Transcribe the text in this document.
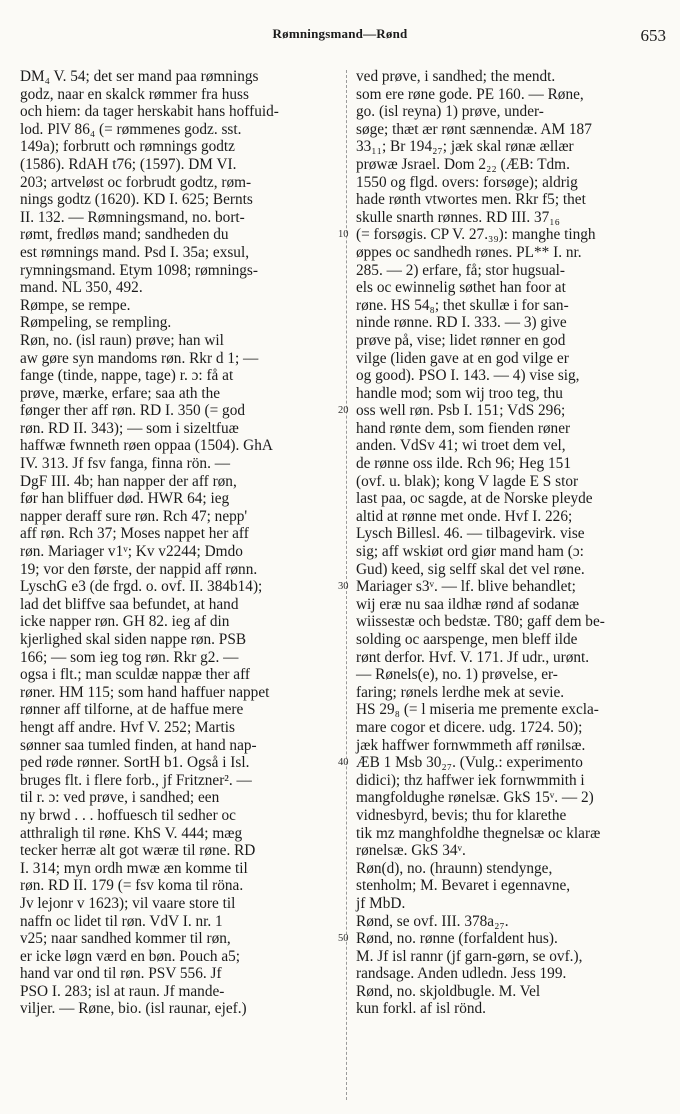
Rømningsmand—Rønd	653
DM₄ V. 54; det ser mand paa rømnings
godz, naar en skalck rømmer fra huss
och hiem: da tager herskabit hans hoffuid-
lod. PlV 86₄ (= rømmenes godz. sst.
149a); forbrutt och rømnings godtz
(1586). RdAH t76; (1597). DM VI.
203; artveløst oc forbrudt godtz, røm-
nings godtz (1620). KD I. 625; Bernts
II. 132. — Rømningsmand, no. bort-
rømt, fredløs mand; sandheden du
est rømnings mand. Psd I. 35a; exsul,
rymningsmand. Etym 1098; rømnings-
mand. NL 350, 492.
Rømpe, se rempe.
Rømpeling, se rempling.
Røn, no. (isl raun) prøve; han wil
aw gøre syn mandoms røn. Rkr d 1; —
fange (tinde, nappe, tage) r. ɔ: få at
prøve, mærke, erfare; saa ath the
fønger ther aff røn. RD I. 350 (= god
røn. RD II. 343); — som i sizeltfuæ
haffwæ fwnneth røen oppaa (1504). GhA
IV. 313. Jf fsv fanga, finna rön. —
DgF III. 4b; han napper der aff røn,
før han bliffuer død. HWR 64; ieg
napper deraff sure røn. Rch 47; nepp'
aff røn. Rch 37; Moses nappet her aff
røn. Mariager v1ᵛ; Kv v2244; Dmdo
19; vor den første, der nappid aff rønn.
LyschG e3 (de frgd. o. ovf. II. 384b14);
lad det bliffve saa befundet, at hand
icke napper røn. GH 82. ieg af din
kjerlighed skal siden nappe røn. PSB
166; — som ieg tog røn. Rkr g2. —
ogsa i flt.; man sculdæ nappæ ther aff
røner. HM 115; som hand haffuer nappet
rønner aff tilforne, at de haffue mere
hengt aff andre. Hvf V. 252; Martis
sønner saa tumled finden, at hand nap-
ped røde rønner. SortH b1. Også i Isl.
bruges flt. i flere forb., jf Fritzner². —
til r. ɔ: ved prøve, i sandhed; een
ny brwd . . . hoffuesch til sedher oc
atthraligh til røne. KhS V. 444; mæg
tecker herræ alt got wæræ til røne. RD
I. 314; myn ordh mwæ æn komme til
røn. RD II. 179 (= fsv koma til röna.
Jv lejonr v 1623); vil vaare store til
naffn oc lidet til røn. VdV I. nr. 1
v25; naar sandhed kommer til røn,
er icke løgn værd en bøn. Pouch a5;
hand var ond til røn. PSV 556. Jf
PSO I. 283; isl at raun. Jf mande-
viljer. — Røne, bio. (isl raunar, ejef.)
10
20
30
40
50
ved prøve, i sandhed; the mendt.
som ere røne gode. PE 160. — Røne,
go. (isl reyna) 1) prøve, under-
søge; thæt ær rønt sænnendæ. AM 187
33₁₁; Br 194₂₇; jæk skal rønæ ællær
prøwæ Jsrael. Dom 2₂₂ (ÆB: Tdm.
1550 og flgd. overs: forsøge); aldrig
hade rønth vtwortes men. Rkr f5; thet
skulle snarth rønnes. RD III. 37₁₆
(= forsøgis. CP V. 27.₃₉): manghe tingh
øppes oc sandhedh rønes. PL** I. nr.
285. — 2) erfare, få; stor hugsual-
els oc ewinnelig søthet han foor at
røne. HS 54₈; thet skullæ i for san-
ninde rønne. RD I. 333. — 3) give
prøve på, vise; lidet rønner en god
vilge (liden gave at en god vilge er
og good). PSO I. 143. — 4) vise sig,
handle mod; som wij troo teg, thu
oss well røn. Psb I. 151; VdS 296;
hand rønte dem, som fienden røner
anden. VdSv 41; wi troet dem vel,
de rønne oss ilde. Rch 96; Heg 151
(ovf. u. blak); kong V lagde E S stor
last paa, oc sagde, at de Norske pleyde
altid at rønne met onde. Hvf I. 226;
Lysch Billesl. 46. — tilbagevirk. vise
sig; aff wskiøt ord giør mand ham (ɔ:
Gud) keed, sig selff skal det vel røne.
Mariager s3ᵛ. — lf. blive behandlet;
wij eræ nu saa ildhæ rønd af sodanæ
wiissestæ och bedstæ. T80; gaff dem be-
solding oc aarspenge, men bleff ilde
rønt derfor. Hvf. V. 171. Jf udr., urønt.
— Rønels(e), no. 1) prøvelse, er-
faring; rønels lerdhe mek at sevie.
HS 29₈ (= l miseria me premente excla-
mare cogor et dicere. udg. 1724. 50);
jæk haffwer fornwmmeth aff rønilsæ.
ÆB 1 Msb 30₂₇. (Vulg.: experimento
didici); thz haffwer iek fornwmmith i
mangfoldughe rønelsæ. GkS 15ᵛ. — 2)
vidnesbyrd, bevis; thu for klarethe
tik mz manghfoldhe thegnelsæ oc klaræ
rønelsæ. GkS 34ᵛ.
Røn(d), no. (hraunn) stendynge,
stenholm; M. Bevaret i egennavne,
jf MbD.
Rønd, se ovf. III. 378a₂₇.
Rønd, no. rønne (forfaldent hus).
M. Jf isl rannr (jf garn-gørn, se ovf.),
randsage. Anden udledn. Jess 199.
Rønd, no. skjoldbugle. M. Vel
kun forkl. af isl rönd.
